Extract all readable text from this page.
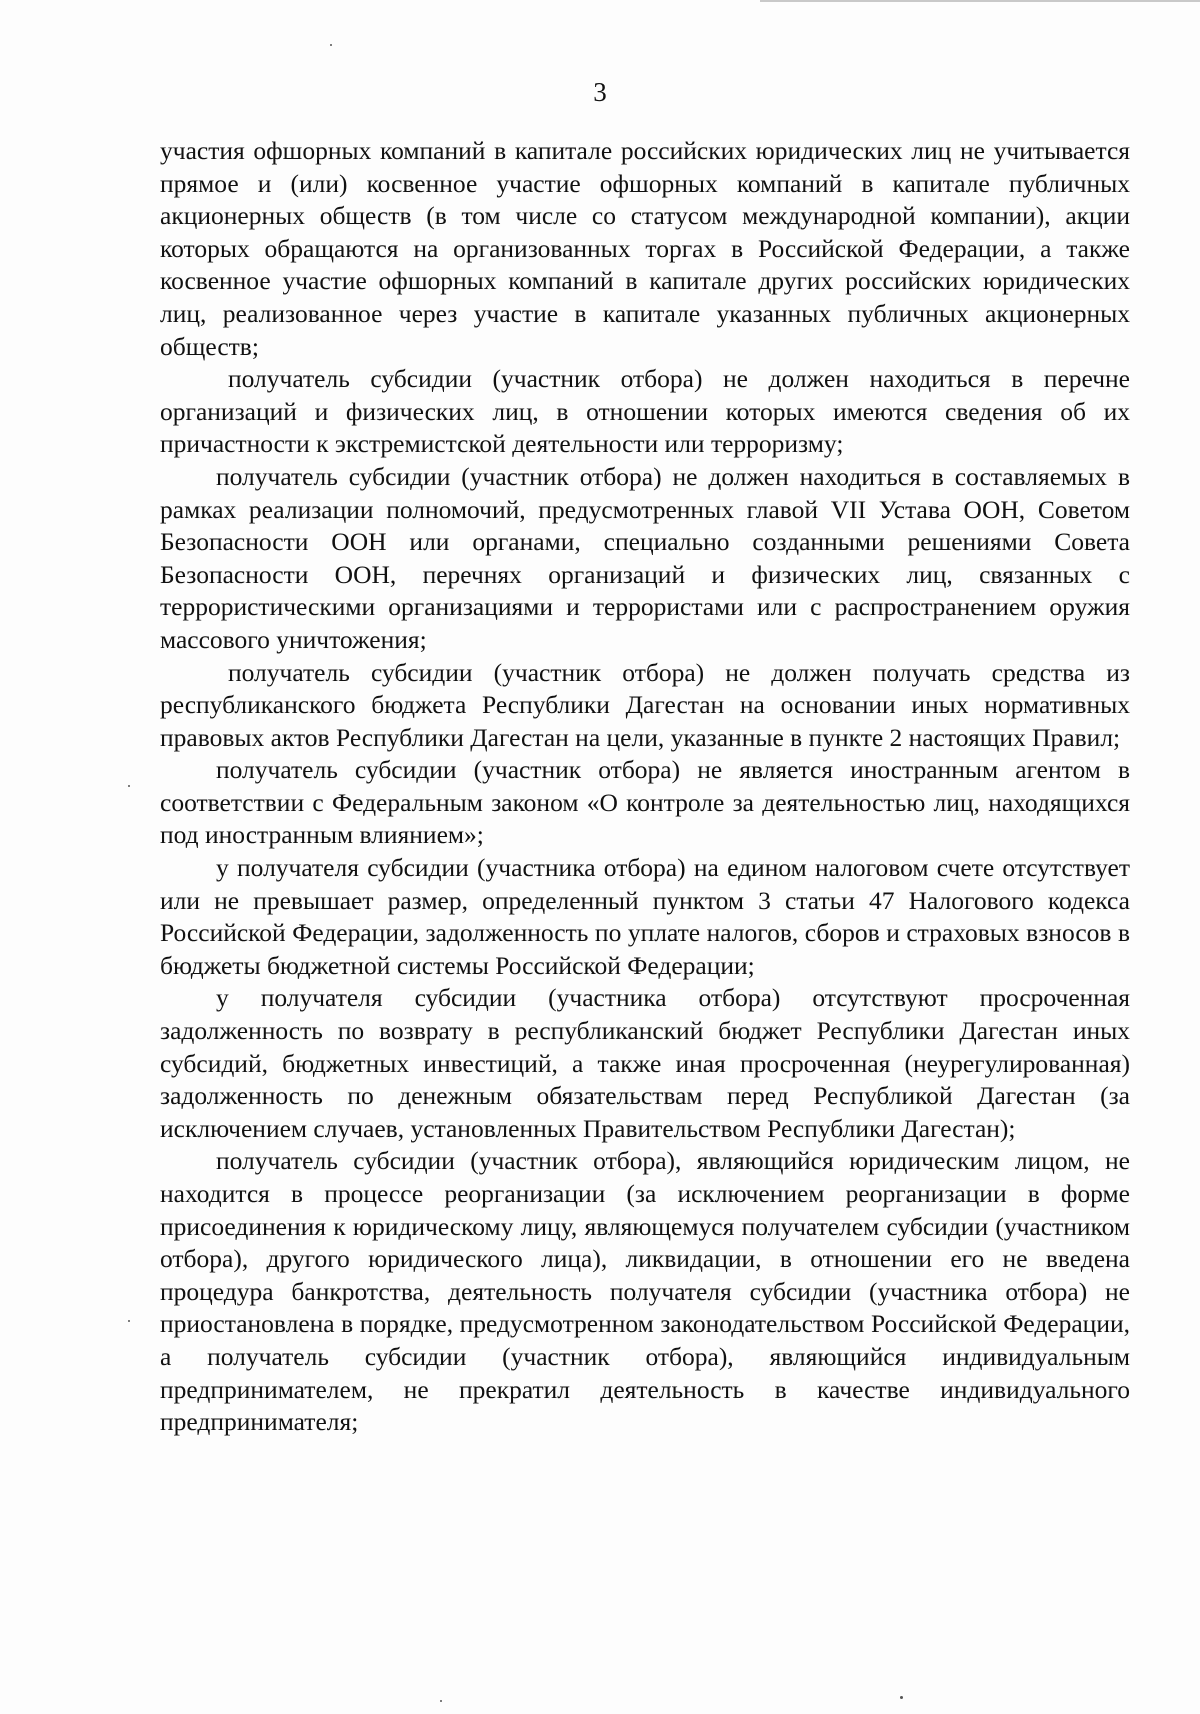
3

участия офшорных компаний в капитале российских юридических лиц не учитывается прямое и (или) косвенное участие офшорных компаний в капитале публичных акционерных обществ (в том числе со статусом международной компании), акции которых обращаются на организованных торгах в Российской Федерации, а также косвенное участие офшорных компаний в капитале других российских юридических лиц, реализованное через участие в капитале указанных публичных акционерных обществ;

получатель субсидии (участник отбора) не должен находиться в перечне организаций и физических лиц, в отношении которых имеются сведения об их причастности к экстремистской деятельности или терроризму;

получатель субсидии (участник отбора) не должен находиться в составляемых в рамках реализации полномочий, предусмотренных главой VII Устава ООН, Советом Безопасности ООН или органами, специально созданными решениями Совета Безопасности ООН, перечнях организаций и физических лиц, связанных с террористическими организациями и террористами или с распространением оружия массового уничтожения;

получатель субсидии (участник отбора) не должен получать средства из республиканского бюджета Республики Дагестан на основании иных нормативных правовых актов Республики Дагестан на цели, указанные в пункте 2 настоящих Правил;

получатель субсидии (участник отбора) не является иностранным агентом в соответствии с Федеральным законом «О контроле за деятельностью лиц, находящихся под иностранным влиянием»;

у получателя субсидии (участника отбора) на едином налоговом счете отсутствует или не превышает размер, определенный пунктом 3 статьи 47 Налогового кодекса Российской Федерации, задолженность по уплате налогов, сборов и страховых взносов в бюджеты бюджетной системы Российской Федерации;

у получателя субсидии (участника отбора) отсутствуют просроченная задолженность по возврату в республиканский бюджет Республики Дагестан иных субсидий, бюджетных инвестиций, а также иная просроченная (неурегулированная) задолженность по денежным обязательствам перед Республикой Дагестан (за исключением случаев, установленных Правительством Республики Дагестан);

получатель субсидии (участник отбора), являющийся юридическим лицом, не находится в процессе реорганизации (за исключением реорганизации в форме присоединения к юридическому лицу, являющемуся получателем субсидии (участником отбора), другого юридического лица), ликвидации, в отношении его не введена процедура банкротства, деятельность получателя субсидии (участника отбора) не приостановлена в порядке, предусмотренном законодательством Российской Федерации, а получатель субсидии (участник отбора), являющийся индивидуальным предпринимателем, не прекратил деятельность в качестве индивидуального предпринимателя;
